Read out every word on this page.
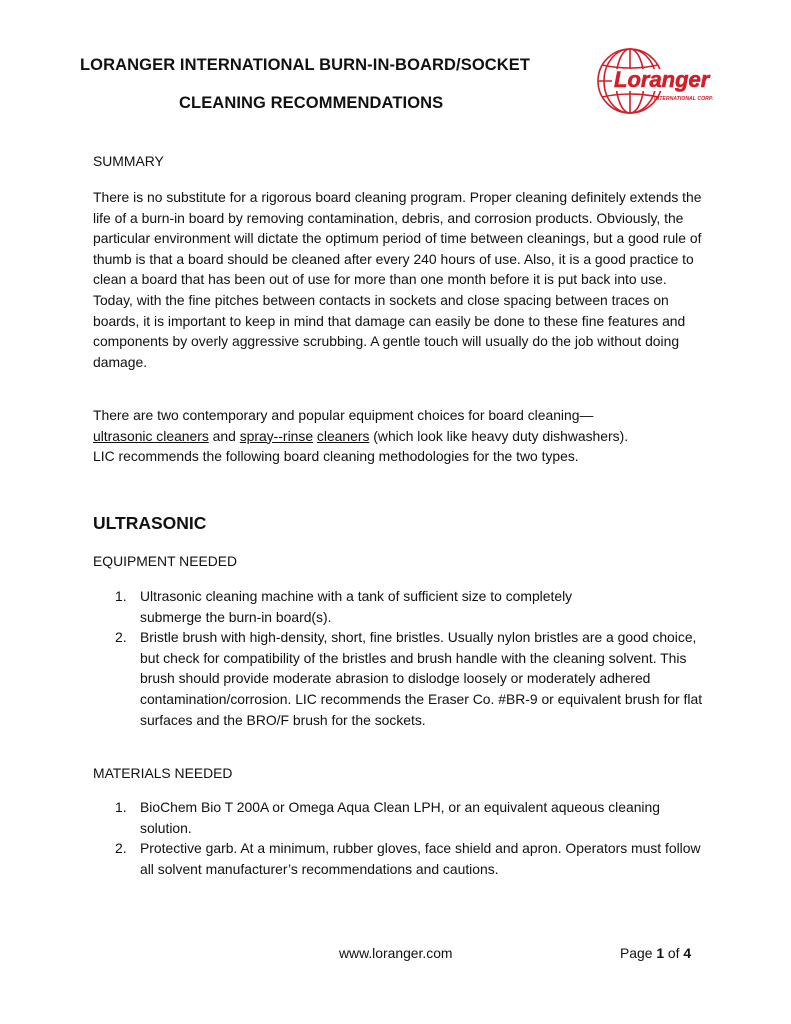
LORANGER INTERNATIONAL BURN-IN-BOARD/SOCKET
CLEANING RECOMMENDATIONS
Loranger
INTERNATIONAL CORP.
SUMMARY

There is no substitute for a rigorous board cleaning program. Proper cleaning definitely extends the life of a burn-in board by removing contamination, debris, and corrosion products. Obviously, the particular environment will dictate the optimum period of time between cleanings, but a good rule of thumb is that a board should be cleaned after every 240 hours of use. Also, it is a good practice to clean a board that has been out of use for more than one month before it is put back into use. Today, with the fine pitches between contacts in sockets and close spacing between traces on boards, it is important to keep in mind that damage can easily be done to these fine features and components by overly aggressive scrubbing. A gentle touch will usually do the job without doing damage.

There are two contemporary and popular equipment choices for board cleaning—
ultrasonic cleaners and spray--rinse cleaners (which look like heavy duty dishwashers).
LIC recommends the following board cleaning methodologies for the two types.

ULTRASONIC
EQUIPMENT NEEDED
1. Ultrasonic cleaning machine with a tank of sufficient size to completely submerge the burn-in board(s).
2. Bristle brush with high-density, short, fine bristles. Usually nylon bristles are a good choice, but check for compatibility of the bristles and brush handle with the cleaning solvent. This brush should provide moderate abrasion to dislodge loosely or moderately adhered contamination/corrosion. LIC recommends the Eraser Co. #BR-9 or equivalent brush for flat surfaces and the BRO/F brush for the sockets.
MATERIALS NEEDED
1. BioChem Bio T 200A or Omega Aqua Clean LPH, or an equivalent aqueous cleaning solution.
2. Protective garb. At a minimum, rubber gloves, face shield and apron. Operators must follow all solvent manufacturer’s recommendations and cautions.
www.loranger.com	Page 1 of 4
